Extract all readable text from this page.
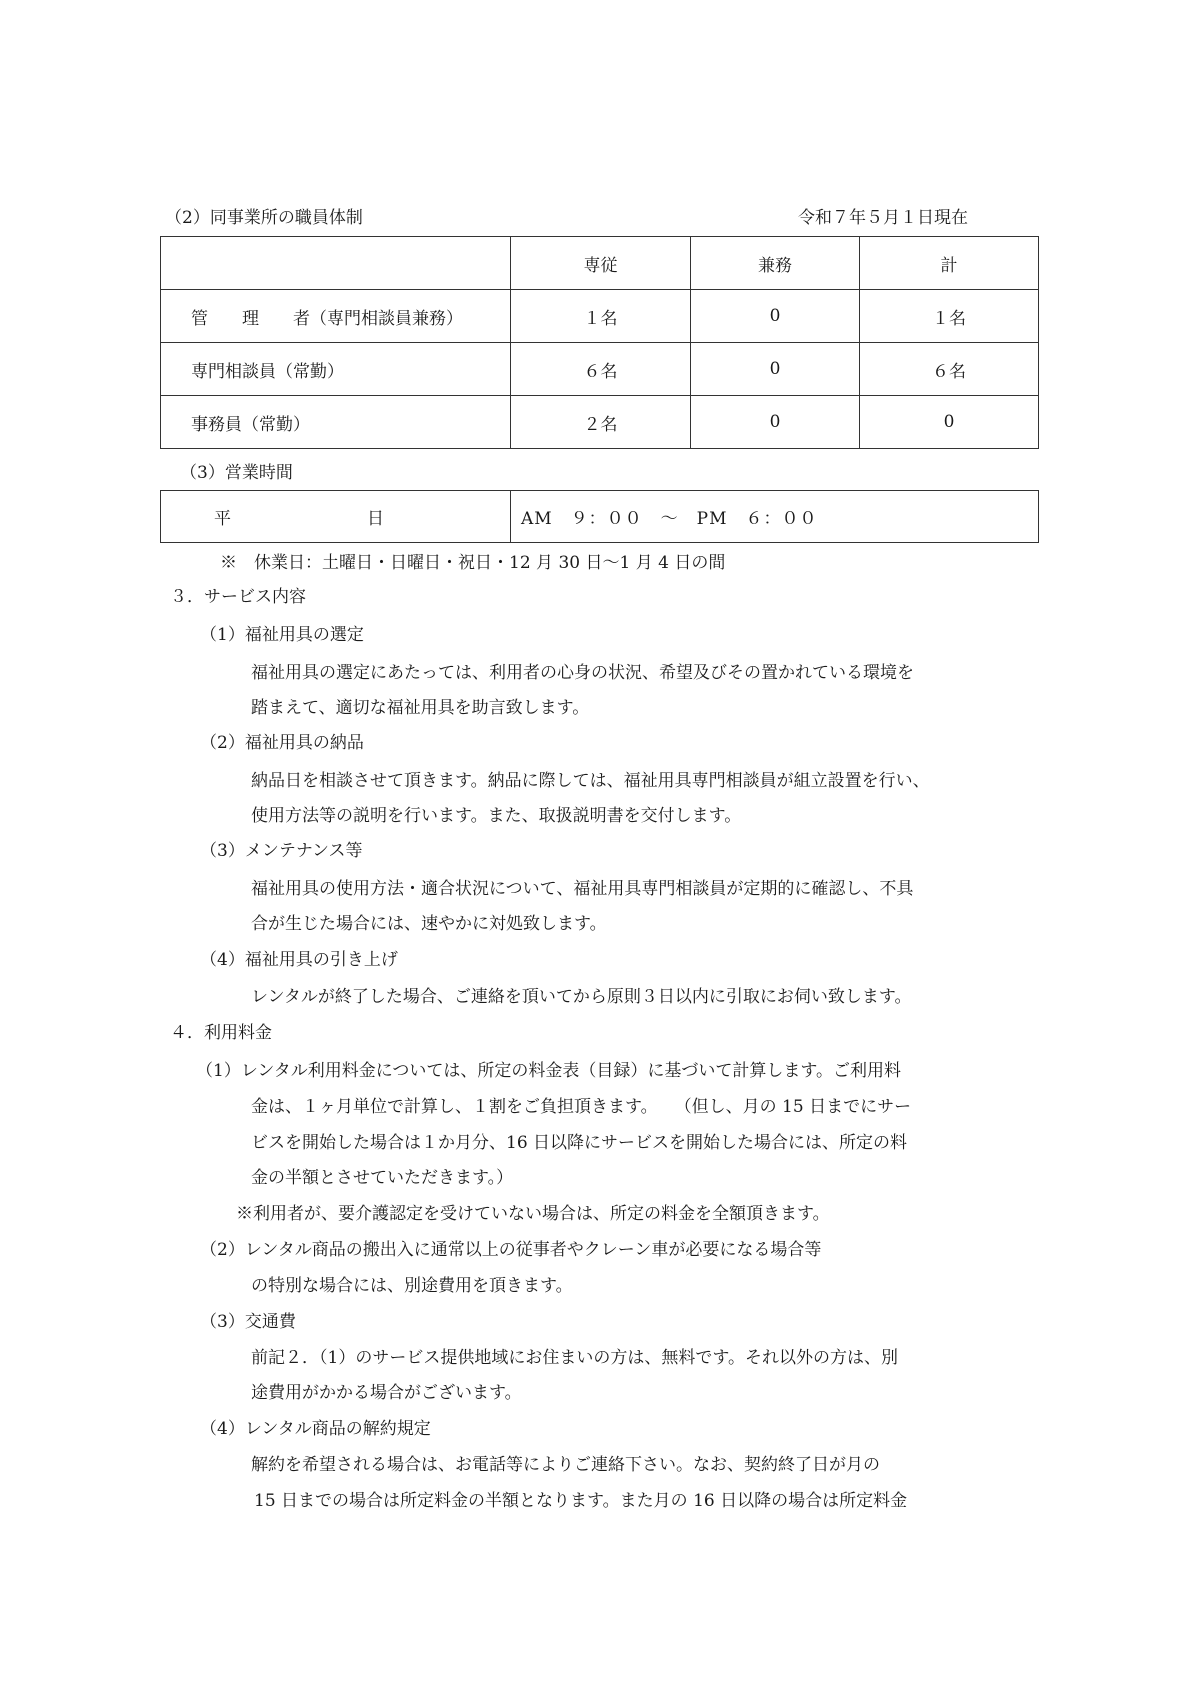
（2）同事業所の職員体制	令和７年５月１日現在
	専従	兼務	計
管　　理　　者（専門相談員兼務）	１名	0	１名
専門相談員（常勤）	６名	0	６名
事務員（常勤）	２名	0	0
（3）営業時間
平　　　　　　　　日	AM　９：００　～　PM　６：００
※　休業日：土曜日・日曜日・祝日・12 月 30 日～1 月 4 日の間
３．サービス内容
（1）福祉用具の選定
福祉用具の選定にあたっては、利用者の心身の状況、希望及びその置かれている環境を
踏まえて、適切な福祉用具を助言致します。
（2）福祉用具の納品
納品日を相談させて頂きます。納品に際しては、福祉用具専門相談員が組立設置を行い、
使用方法等の説明を行います。また、取扱説明書を交付します。
（3）メンテナンス等
福祉用具の使用方法・適合状況について、福祉用具専門相談員が定期的に確認し、不具
合が生じた場合には、速やかに対処致します。
（4）福祉用具の引き上げ
レンタルが終了した場合、ご連絡を頂いてから原則３日以内に引取にお伺い致します。
４．利用料金
（1）レンタル利用料金については、所定の料金表（目録）に基づいて計算します。ご利用料
金は、１ヶ月単位で計算し、１割をご負担頂きます。　　（但し、月の 15 日までにサー
ビスを開始した場合は１か月分、16 日以降にサービスを開始した場合には、所定の料
金の半額とさせていただきます。）
※利用者が、要介護認定を受けていない場合は、所定の料金を全額頂きます。
（2）レンタル商品の搬出入に通常以上の従事者やクレーン車が必要になる場合等
の特別な場合には、別途費用を頂きます。
（3）交通費
前記２．（1）のサービス提供地域にお住まいの方は、無料です。それ以外の方は、別
途費用がかかる場合がございます。
（4）レンタル商品の解約規定
解約を希望される場合は、お電話等によりご連絡下さい。なお、契約終了日が月の
15 日までの場合は所定料金の半額となります。また月の 16 日以降の場合は所定料金
